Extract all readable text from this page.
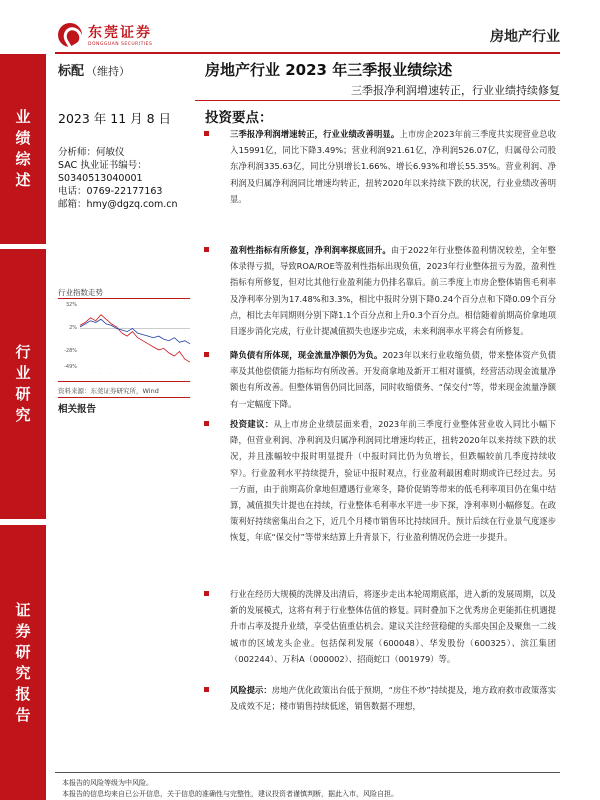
业绩综述
行业研究
证券研究报告
东莞证券
DONGGUAN SECURITIES	房地产行业
标配 （维持）	房地产行业 2023 年三季报业绩综述
三季报净利润增速转正，行业业绩持续修复
2023 年 11 月 8 日
分析师：何敏仪
SAC 执业证书编号：
S0340513040001
电话：0769-22177163
邮箱：hmy@dgzq.com.cn
行业指数走势
32%
2%
-28%
-49%
·	·	·	·	·	·	·	·	·	·	·	·
资料来源：东莞证券研究所，Wind
相关报告
投资要点：
三季报净利润增速转正，行业业绩改善明显。上市房企2023年前三季度共实现营业总收入15991亿，同比下降3.49%；营业利润921.61亿，净利润526.07亿，归属母公司股东净利润335.63亿，同比分别增长1.66%、增长6.93%和增长55.35%。营业利润、净利润及归属净利润同比增速均转正，扭转2020年以来持续下跌的状况，行业业绩改善明显。
盈利性指标有所修复，净利润率探底回升。由于2022年行业整体盈利情况较差，全年整体录得亏损，导致ROA/ROE等盈利性指标出现负值，2023年行业整体扭亏为盈，盈利性指标有所修复，但对比其他行业盈利能力仍排名靠后。前三季度上市房企整体销售毛利率及净利率分别为17.48%和3.3%，相比中报时分别下降0.24个百分点和下降0.09个百分点，相比去年同期则分别下降1.1个百分点和上升0.3个百分点。相信随着前期高价拿地项目逐步消化完成，行业计提减值损失也逐步完成，未来利润率水平将会有所修复。
降负债有所体现，现金流量净额仍为负。2023年以来行业收缩负债，带来整体资产负债率及其他偿债能力指标均有所改善。开发商拿地及新开工相对谨慎，经营活动现金流量净额也有所改善。但整体销售仍同比回落，同时收缩债务、“保交付”等，带来现金流量净额有一定幅度下降。
投资建议：从上市房企业绩层面来看，2023年前三季度行业整体营业收入同比小幅下降，但营业利润、净利润及归属净利润同比增速均转正，扭转2020年以来持续下跌的状况，并且涨幅较中报时明显提升（中报时同比仍为负增长，但跌幅较前几季度持续收窄）。行业盈利水平持续提升，验证中报时观点，行业盈利最困难时期或许已经过去。另一方面，由于前期高价拿地但遭遇行业寒冬，降价促销等带来的低毛利率项目仍在集中结算，减值损失计提也在持续，行业整体毛利率水平进一步下探，净利率则小幅修复。在政策利好持续密集出台之下，近几个月楼市销售环比持续回升。预计后续在行业景气度逐步恢复，年底“保交付”等带来结算上升背景下，行业盈利情况仍会进一步提升。
行业在经历大规模的洗牌及出清后，将逐步走出本轮周期底部，进入新的发展周期，以及新的发展模式，这将有利于行业整体估值的修复。同时叠加下之优秀房企更能抓住机遇提升市占率及提升业绩，享受估值重估机会。建议关注经营稳健的头部央国企及聚焦一二线城市的区域龙头企业。包括保利发展（600048）、华发股份（600325）、滨江集团（002244）、万科A（000002）、招商蛇口（001979）等。
风险提示：房地产优化政策出台低于预期，“房住不炒”持续提及，地方政府救市政策落实及成效不足；楼市销售持续低迷，销售数据不理想，
本报告的风险等级为中风险。
本报告的信息均来自已公开信息，关于信息的准确性与完整性，建议投资者谨慎判断，据此入市，风险自担。
